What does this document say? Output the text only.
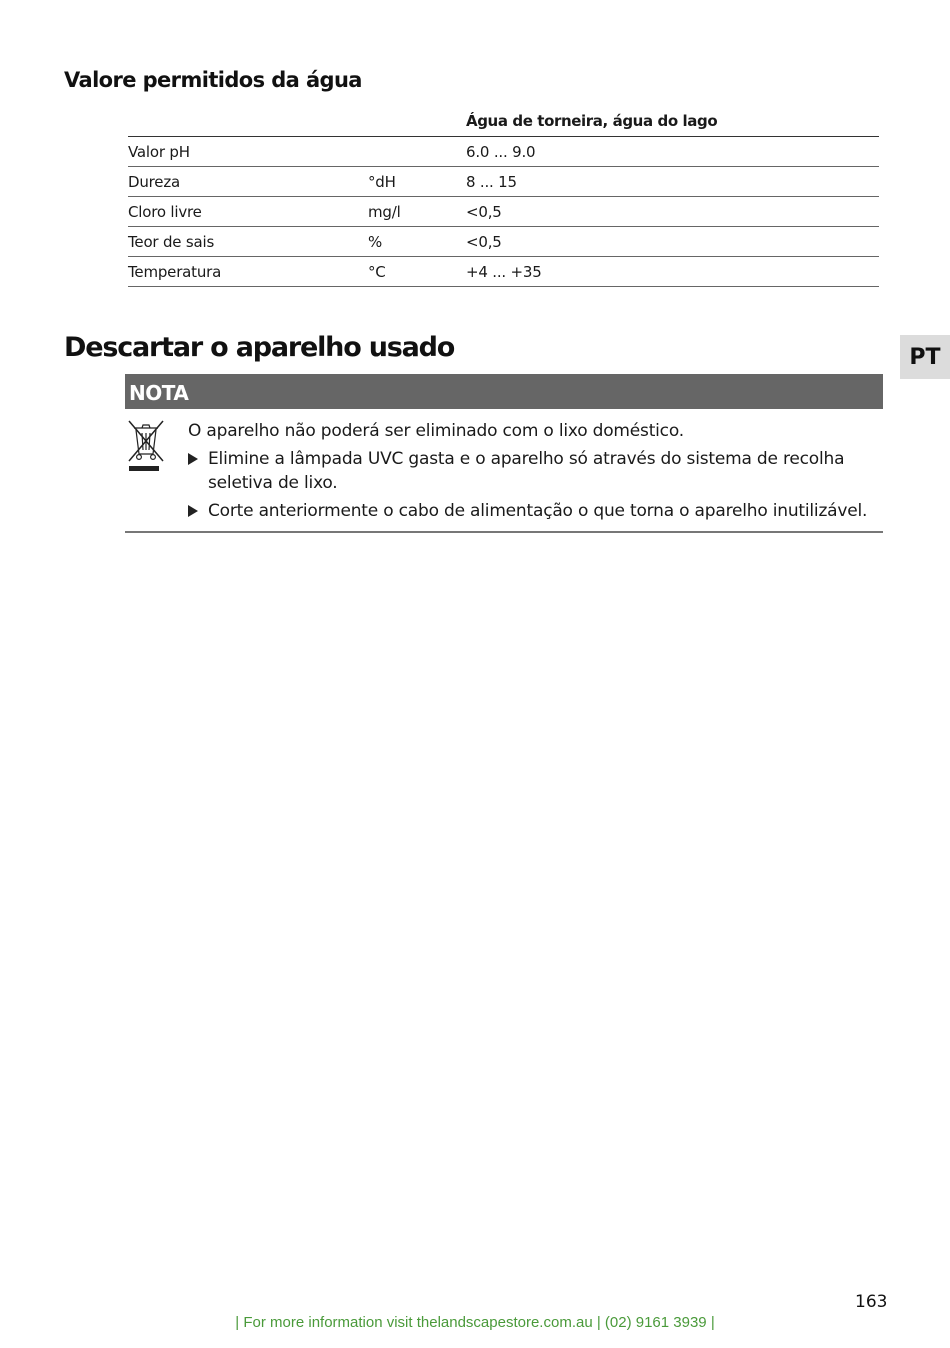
Valore permitidos da água
		Água de torneira, água do lago
Valor pH		6.0 ... 9.0
Dureza	°dH	8 ... 15
Cloro livre	mg/l	<0,5
Teor de sais	%	<0,5
Temperatura	°C	+4 ... +35
Descartar o aparelho usado	PT
NOTA

O aparelho não poderá ser eliminado com o lixo doméstico.

Elimine a lâmpada UVC gasta e o aparelho só através do sistema de recolha seletiva de lixo.
Corte anteriormente o cabo de alimentação o que torna o aparelho inutilizável.
163
| For more information visit thelandscapestore.com.au | (02) 9161 3939 |
